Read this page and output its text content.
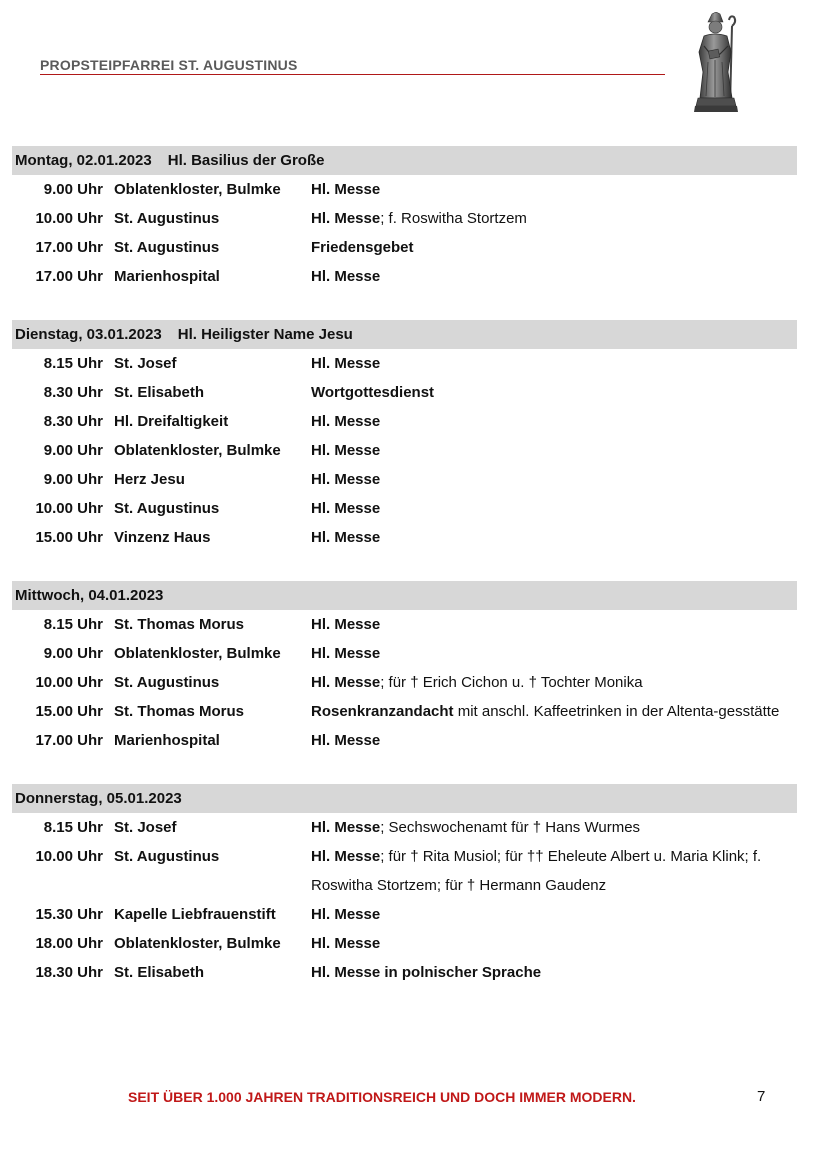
PROPSTEIPFARREI ST. AUGUSTINUS
Montag, 02.01.2023 Hl. Basilius der Große
9.00 Uhr Oblatenkloster, Bulmke	Hl. Messe
10.00 Uhr St. Augustinus	Hl. Messe; f. Roswitha Stortzem
17.00 Uhr St. Augustinus	Friedensgebet
17.00 Uhr Marienhospital	Hl. Messe
Dienstag, 03.01.2023 Hl. Heiligster Name Jesu
8.15 Uhr St. Josef	Hl. Messe
8.30 Uhr St. Elisabeth	Wortgottesdienst
8.30 Uhr Hl. Dreifaltigkeit	Hl. Messe
9.00 Uhr Oblatenkloster, Bulmke	Hl. Messe
9.00 Uhr Herz Jesu	Hl. Messe
10.00 Uhr St. Augustinus	Hl. Messe
15.00 Uhr Vinzenz Haus	Hl. Messe
Mittwoch, 04.01.2023
8.15 Uhr St. Thomas Morus	Hl. Messe
9.00 Uhr Oblatenkloster, Bulmke	Hl. Messe
10.00 Uhr St. Augustinus	Hl. Messe; für † Erich Cichon u. † Tochter Monika
15.00 Uhr St. Thomas Morus	Rosenkranzandacht mit anschl. Kaffeetrinken in der Altenta-gesstätte
17.00 Uhr Marienhospital	Hl. Messe
Donnerstag, 05.01.2023
8.15 Uhr St. Josef	Hl. Messe; Sechswochenamt für † Hans Wurmes
10.00 Uhr St. Augustinus	Hl. Messe; für † Rita Musiol; für †† Eheleute Albert u. Maria Klink; f. Roswitha Stortzem; für † Hermann Gaudenz
15.30 Uhr Kapelle Liebfrauenstift	Hl. Messe
18.00 Uhr Oblatenkloster, Bulmke	Hl. Messe
18.30 Uhr St. Elisabeth	Hl. Messe in polnischer Sprache
SEIT ÜBER 1.000 JAHREN TRADITIONSREICH UND DOCH IMMER MODERN.	7
